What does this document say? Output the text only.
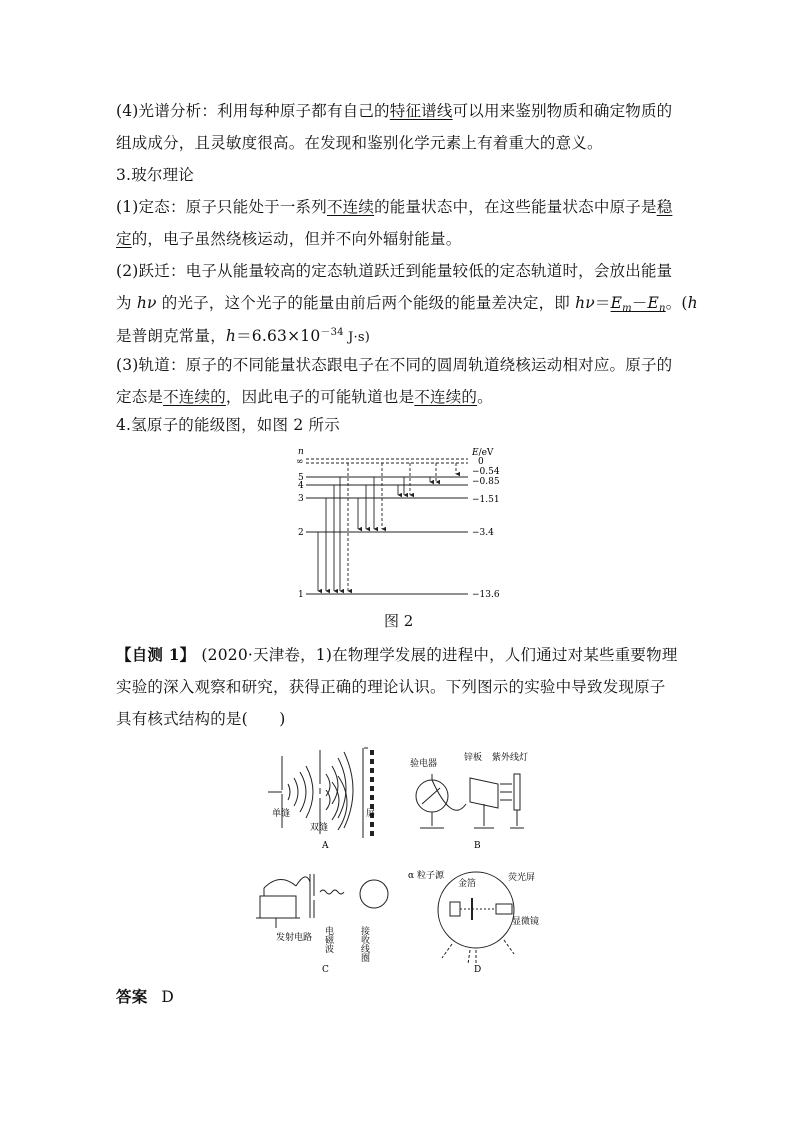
(4)光谱分析：利用每种原子都有自己的特征谱线可以用来鉴别物质和确定物质的
组成成分，且灵敏度很高。在发现和鉴别化学元素上有着重大的意义。
3.玻尔理论
(1)定态：原子只能处于一系列不连续的能量状态中，在这些能量状态中原子是稳
定的，电子虽然绕核运动，但并不向外辐射能量。
(2)跃迁：电子从能量较高的定态轨道跃迁到能量较低的定态轨道时，会放出能量
为 hν 的光子，这个光子的能量由前后两个能级的能量差决定，即 $h\nu=E_m-E_n$。(h
是普朗克常量，$h=6.63\times 10^{-34}$ J·s)
(3)轨道：原子的不同能量状态跟电子在不同的圆周轨道绕核运动相对应。原子的
定态是不连续的，因此电子的可能轨道也是不连续的。
4.氢原子的能级图，如图 2 所示
n	E/eV
∞
5
4
3
2
1
0
−0.54
−0.85
−1.51
−3.4
−13.6
图 2
【自测 1】 (2020·天津卷，1)在物理学发展的进程中，人们通过对某些重要物理
实验的深入观察和研究，获得正确的理论认识。下列图示的实验中导致发现原子
具有核式结构的是(　　)
单缝
双缝
屏
A
验电器
锌板 紫外线灯
B
发射电路 电磁波	接收线圈
C
α 粒子源
金箔
荧光屏
显微镜
D
答案 D
